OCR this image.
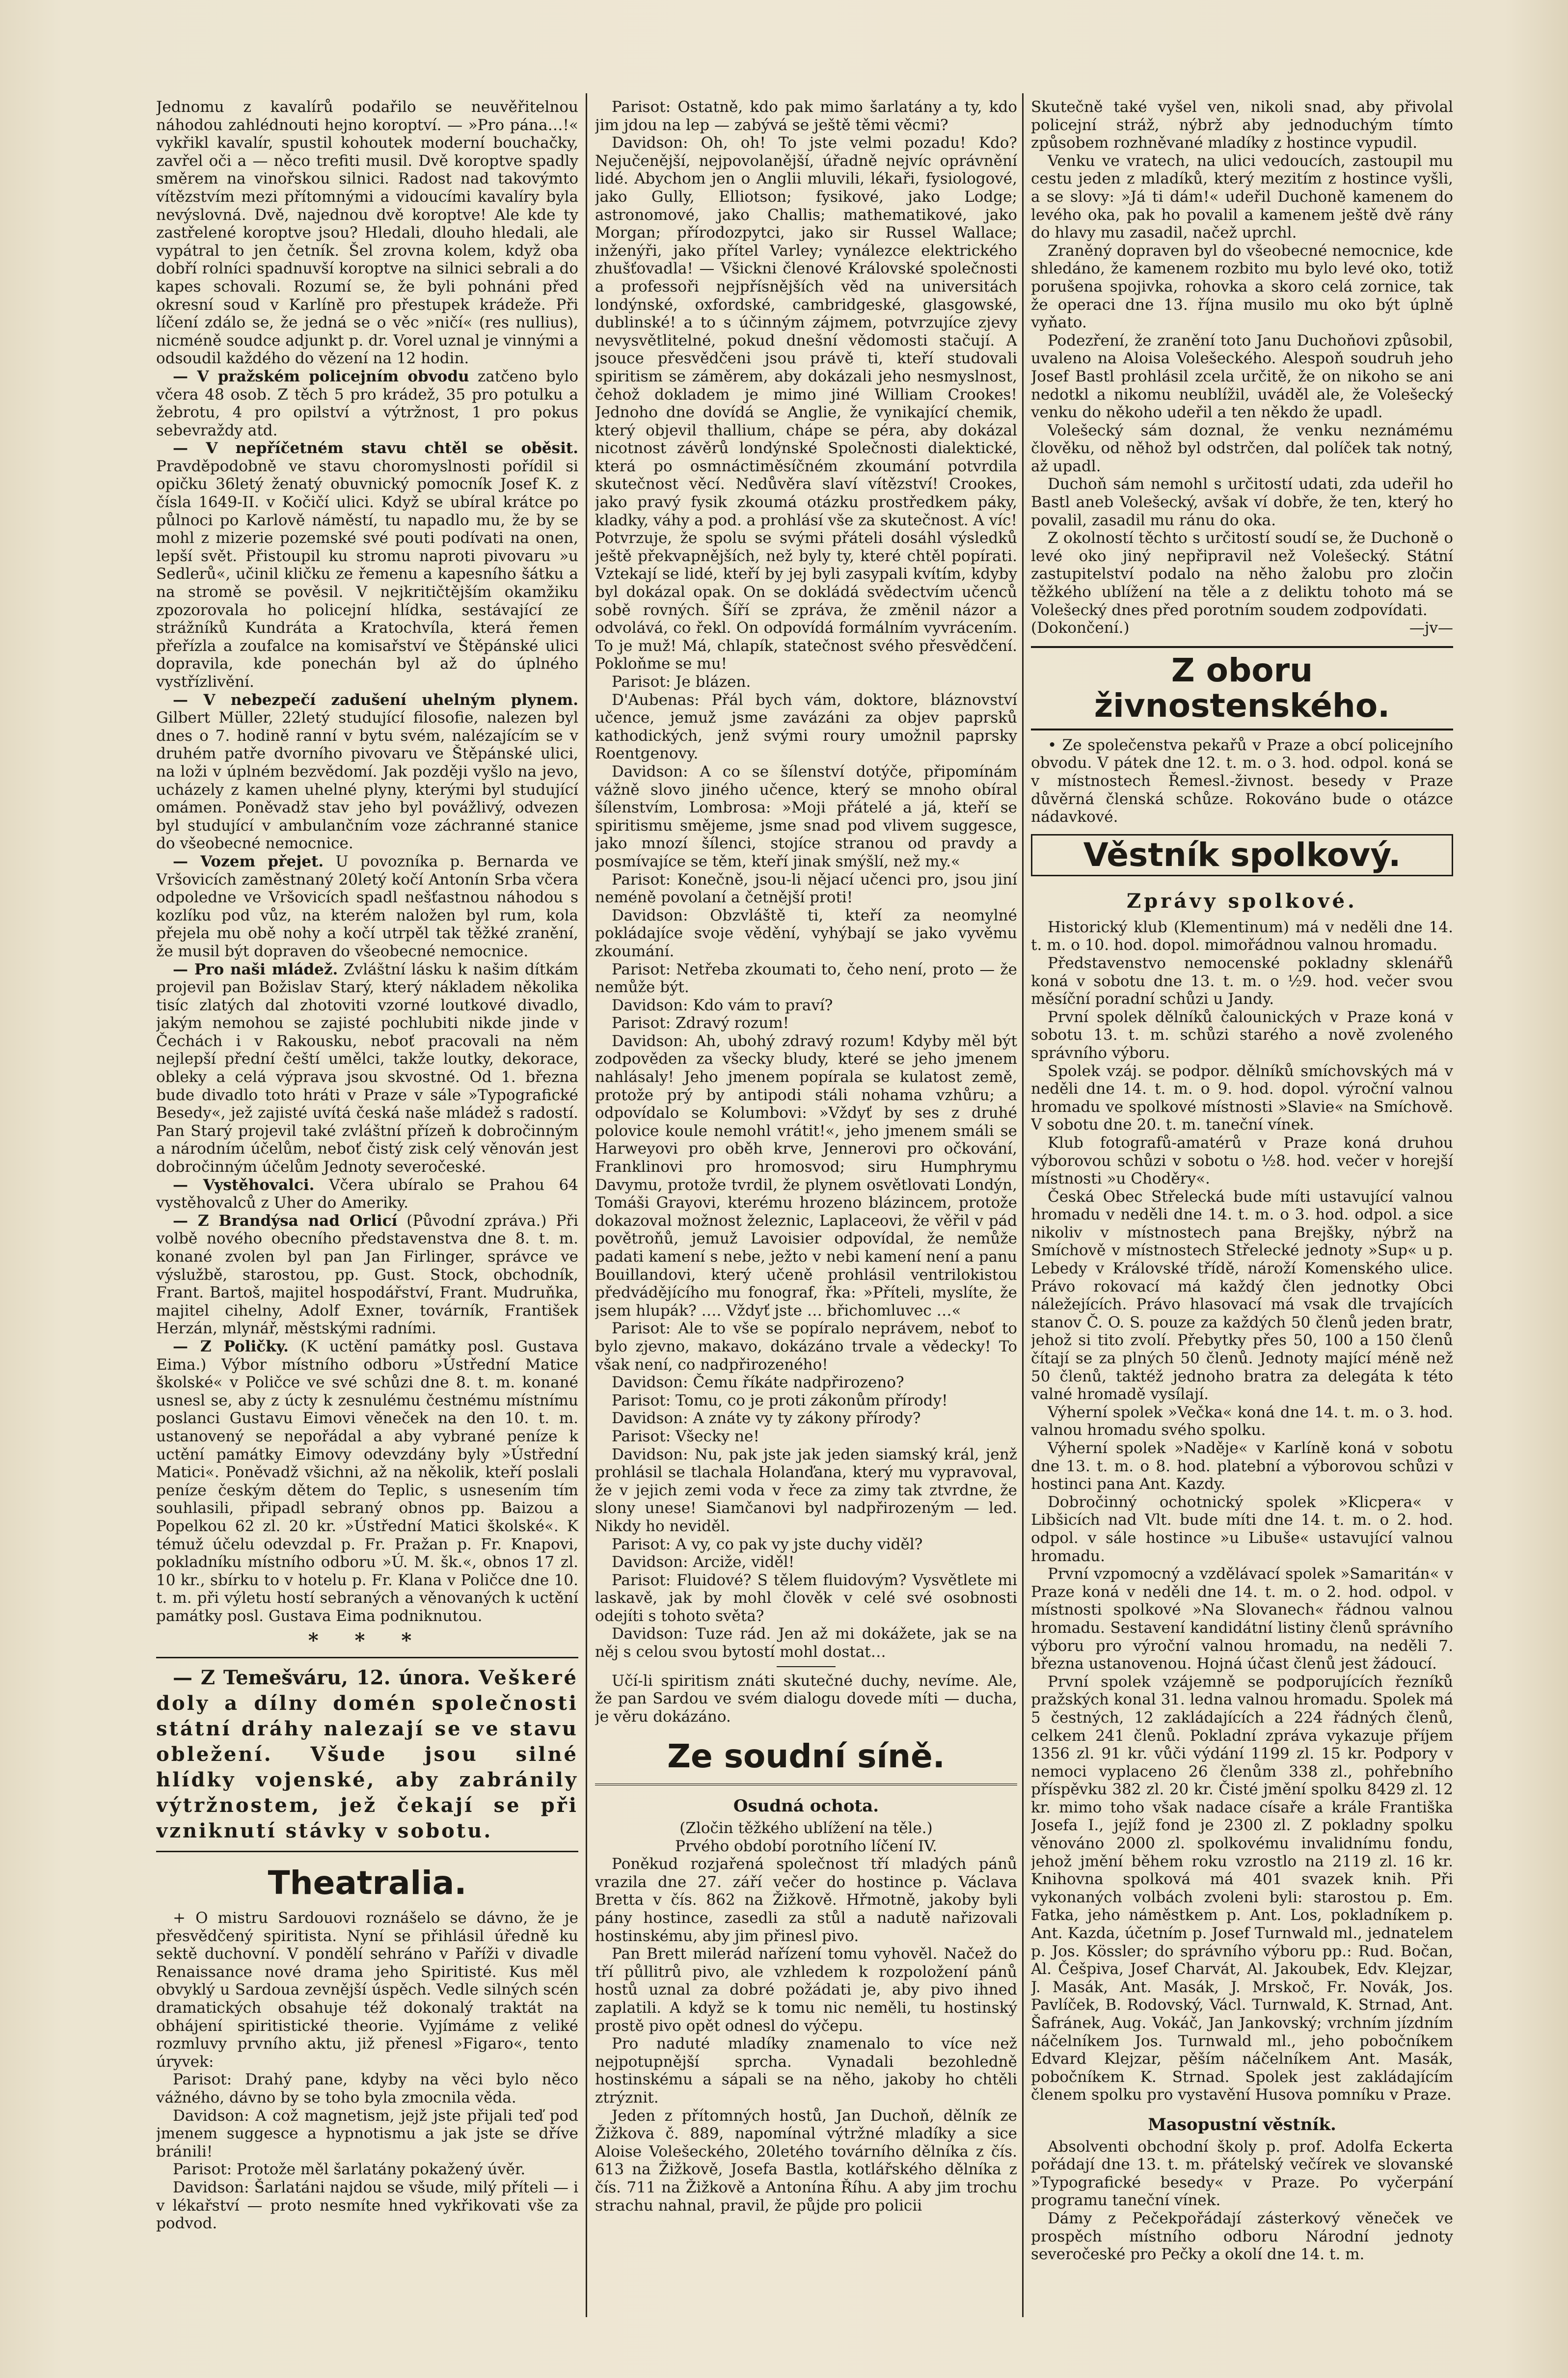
Jednomu z kavalírů podařilo se neuvěřitelnou náhodou zahlédnouti hejno koroptví. — »Pro pána…!« vykřikl kavalír, spustil kohoutek moderní bouchačky, zavřel oči a — něco trefiti musil. Dvě koroptve spadly směrem na vinořskou silnici. Radost nad takovýmto vítězstvím mezi přítomnými a vidoucími kavalíry byla nevýslovná. Dvě, najednou dvě koroptve! Ale kde ty zastřelené koroptve jsou? Hledali, dlouho hledali, ale vypátral to jen četník. Šel zrovna kolem, když oba dobří rolníci spadnuvší koroptve na silnici sebrali a do kapes schovali. Rozumí se, že byli pohnáni před okresní soud v Karlíně pro přestupek krádeže. Při líčení zdálo se, že jedná se o věc »ničí« (res nullius), nicméně soudce adjunkt p. dr. Vorel uznal je vinnými a odsoudil každého do vězení na 12 hodin.

— V pražském policejním obvodu zatčeno bylo včera 48 osob. Z těch 5 pro krádež, 35 pro potulku a žebrotu, 4 pro opilství a výtržnost, 1 pro pokus sebevraždy atd.

— V nepříčetném stavu chtěl se oběsit. Pravděpodobně ve stavu choromyslnosti pořídil si opičku 36letý ženatý obuvnický pomocník Josef K. z čísla 1649-II. v Kočičí ulici. Když se ubíral krátce po půlnoci po Karlově náměstí, tu napadlo mu, že by se mohl z mizerie pozemské své pouti podívati na onen, lepší svět. Přistoupil ku stromu naproti pivovaru »u Sedlerů«, učinil kličku ze řemenu a kapesního šátku a na stromě se pověsil. V nejkritičtějším okamžiku zpozorovala ho policejní hlídka, sestávající ze strážníků Kundráta a Kratochvíla, která řemen přeřízla a zoufalce na komisařství ve Štěpánské ulici dopravila, kde ponechán byl až do úplného vystřízlivění.

— V nebezpečí zadušení uhelným plynem. Gilbert Müller, 22letý studující filosofie, nalezen byl dnes o 7. hodině ranní v bytu svém, nalézajícím se v druhém patře dvorního pivovaru ve Štěpánské ulici, na loži v úplném bezvědomí. Jak později vyšlo na jevo, ucházely z kamen uhelné plyny, kterými byl studující omámen. Poněvadž stav jeho byl povážlivý, odvezen byl studující v ambulančním voze záchranné stanice do všeobecné nemocnice.

— Vozem přejet. U povozníka p. Bernarda ve Vršovicích zaměstnaný 20letý kočí Antonín Srba včera odpoledne ve Vršovicích spadl nešťastnou náhodou s kozlíku pod vůz, na kterém naložen byl rum, kola přejela mu obě nohy a kočí utrpěl tak těžké zranění, že musil být dopraven do všeobecné nemocnice.

— Pro naši mládež. Zvláštní lásku k našim dítkám projevil pan Božislav Starý, který nákladem několika tisíc zlatých dal zhotoviti vzorné loutkové divadlo, jakým nemohou se zajisté pochlubiti nikde jinde v Čechách i v Rakousku, neboť pracovali na něm nejlepší přední čeští umělci, takže loutky, dekorace, obleky a celá výprava jsou skvostné. Od 1. března bude divadlo toto hráti v Praze v sále »Typografické Besedy«, jež zajisté uvítá česká naše mládež s radostí. Pan Starý projevil také zvláštní přízeň k dobročinným a národním účelům, neboť čistý zisk celý věnován jest dobročinným účelům Jednoty severočeské.

— Vystěhovalci. Včera ubíralo se Prahou 64 vystěhovalců z Uher do Ameriky.

— Z Brandýsa nad Orlicí (Původní zpráva.) Při volbě nového obecního představenstva dne 8. t. m. konané zvolen byl pan Jan Firlinger, správce ve výslužbě, starostou, pp. Gust. Stock, obchodník, Frant. Bartoš, majitel hospodářství, Frant. Mudruňka, majitel cihelny, Adolf Exner, továrník, František Herzán, mlynář, městskými radními.

— Z Poličky. (K uctění památky posl. Gustava Eima.) Výbor místního odboru »Ústřední Matice školské« v Poličce ve své schůzi dne 8. t. m. konané usnesl se, aby z úcty k zesnulému čestnému místnímu poslanci Gustavu Eimovi věneček na den 10. t. m. ustanovený se nepořádal a aby vybrané peníze k uctění památky Eimovy odevzdány byly »Ústřední Matici«. Poněvadž všichni, až na několik, kteří poslali peníze českým dětem do Teplic, s usnesením tím souhlasili, připadl sebraný obnos pp. Baizou a Popelkou 62 zl. 20 kr. »Ústřední Matici školské«. K témuž účelu odevzdal p. Fr. Pražan p. Fr. Knapovi, pokladníku místního odboru »Ú. M. šk.«, obnos 17 zl. 10 kr., sbírku to v hotelu p. Fr. Klana v Poličce dne 10. t. m. při výletu hostí sebraných a věnovaných k uctění památky posl. Gustava Eima podniknutou.

* * *

— Z Temešváru, 12. února. Veškeré doly a dílny domén společnosti státní dráhy nalezají se ve stavu obležení. Všude jsou silné hlídky vojenské, aby zabránily výtržnostem, jež čekají se při vzniknutí stávky v sobotu.

Theatralia.

+ O mistru Sardouovi roznášelo se dávno, že je přesvědčený spiritista. Nyní se přihlásil úředně ku sektě duchovní. V pondělí sehráno v Paříži v divadle Renaissance nové drama jeho Spiritisté. Kus měl obvyklý u Sardoua zevnější úspěch. Vedle silných scén dramatických obsahuje též dokonalý traktát na obhájení spiritistické theorie. Vyjímáme z veliké rozmluvy prvního aktu, již přenesl »Figaro«, tento úryvek:

Parisot: Drahý pane, kdyby na věci bylo něco vážného, dávno by se toho byla zmocnila věda.

Davidson: A což magnetism, jejž jste přijali teď pod jmenem suggesce a hypnotismu a jak jste se dříve bránili!

Parisot: Protože měl šarlatány pokažený úvěr.

Davidson: Šarlatáni najdou se všude, milý příteli — i v lékařství — proto nesmíte hned vykřikovati vše za podvod.

Parisot: Ostatně, kdo pak mimo šarlatány a ty, kdo jim jdou na lep — zabývá se ještě těmi věcmi?

Davidson: Oh, oh! To jste velmi pozadu! Kdo? Nejučenější, nejpovolanější, úřadně nejvíc oprávnění lidé. Abychom jen o Anglii mluvili, lékaři, fysiologové, jako Gully, Elliotson; fysikové, jako Lodge; astronomové, jako Challis; mathematikové, jako Morgan; přírodozpytci, jako sir Russel Wallace; inženýři, jako přítel Varley; vynálezce elektrického zhušťovadla! — Všickni členové Královské společnosti a professoři nejpřísnějších věd na universitách londýnské, oxfordské, cambridgeské, glasgowské, dublinské! a to s účinným zájmem, potvrzujíce zjevy nevysvětlitelné, pokud dnešní vědomosti stačují. A jsouce přesvědčeni jsou právě ti, kteří studovali spiritism se záměrem, aby dokázali jeho nesmyslnost, čehož dokladem je mimo jiné William Crookes! Jednoho dne dovídá se Anglie, že vynikající chemik, který objevil thallium, chápe se péra, aby dokázal nicotnost závěrů londýnské Společnosti dialektické, která po osmnáctiměsíčném zkoumání potvrdila skutečnost věcí. Nedůvěra slaví vítězství! Crookes, jako pravý fysik zkoumá otázku prostředkem páky, kladky, váhy a pod. a prohlásí vše za skutečnost. A víc! Potvrzuje, že spolu se svými přáteli dosáhl výsledků ještě překvapnějších, než byly ty, které chtěl popírati. Vztekají se lidé, kteří by jej byli zasypali kvítím, kdyby byl dokázal opak. On se dokládá svědectvím učenců sobě rovných. Šíří se zpráva, že změnil názor a odvolává, co řekl. On odpovídá formálním vyvrácením. To je muž! Má, chlapík, statečnost svého přesvědčení. Pokloňme se mu!

Parisot: Je blázen.

D'Aubenas: Přál bych vám, doktore, bláznovství učence, jemuž jsme zavázáni za objev paprsků kathodických, jenž svými roury umožnil paprsky Roentgenovy.

Davidson: A co se šílenství dotýče, připomínám vážně slovo jiného učence, který se mnoho obíral šílenstvím, Lombrosa: »Moji přátelé a já, kteří se spiritismu smějeme, jsme snad pod vlivem suggesce, jako mnozí šílenci, stojíce stranou od pravdy a posmívajíce se těm, kteří jinak smýšlí, než my.«

Parisot: Konečně, jsou-li nějací učenci pro, jsou jiní neméně povolaní a četnější proti!

Davidson: Obzvláště ti, kteří za neomylné pokládajíce svoje vědění, vyhýbají se jako vyvěmu zkoumání.

Parisot: Netřeba zkoumati to, čeho není, proto — že nemůže být.

Davidson: Kdo vám to praví?

Parisot: Zdravý rozum!

Davidson: Ah, ubohý zdravý rozum! Kdyby měl být zodpověden za všecky bludy, které se jeho jmenem nahlásaly! Jeho jmenem popírala se kulatost země, protože prý by antipodi stáli nohama vzhůru; a odpovídalo se Kolumbovi: »Vždyť by ses z druhé polovice koule nemohl vrátit!«, jeho jmenem smáli se Harweyovi pro oběh krve, Jennerovi pro očkování, Franklinovi pro hromosvod; siru Humphrymu Davymu, protože tvrdil, že plynem osvětlovati Londýn, Tomáši Grayovi, kterému hrozeno blázincem, protože dokazoval možnost železnic, Laplaceovi, že věřil v pád povětroňů, jemuž Lavoisier odpovídal, že nemůže padati kamení s nebe, ježto v nebi kamení není a panu Bouillandovi, který učeně prohlásil ventrilokistou předvádějícího mu fonograf, řka: »Příteli, myslíte, že jsem hlupák? …. Vždyť jste … břichomluvec …«

Parisot: Ale to vše se popíralo neprávem, neboť to bylo zjevno, makavo, dokázáno trvale a vědecky! To však není, co nadpřirozeného!

Davidson: Čemu říkáte nadpřirozeno?

Parisot: Tomu, co je proti zákonům přírody!

Davidson: A znáte vy ty zákony přírody?

Parisot: Všecky ne!

Davidson: Nu, pak jste jak jeden siamský král, jenž prohlásil se tlachala Holanďana, který mu vypravoval, že v jejich zemi voda v řece za zimy tak ztvrdne, že slony unese! Siamčanovi byl nadpřirozeným — led. Nikdy ho neviděl.

Parisot: A vy, co pak vy jste duchy viděl?

Davidson: Arciže, viděl!

Parisot: Fluidové? S tělem fluidovým? Vysvětlete mi laskavě, jak by mohl člověk v celé své osobnosti odejíti s tohoto světa?

Davidson: Tuze rád. Jen až mi dokážete, jak se na něj s celou svou bytostí mohl dostat…

Učí-li spiritism znáti skutečné duchy, nevíme. Ale, že pan Sardou ve svém dialogu dovede míti — ducha, je věru dokázáno.

Ze soudní síně.
Osudná ochota.

(Zločin těžkého ublížení na těle.)

Prvého období porotního líčení IV.

Poněkud rozjařená společnost tří mladých pánů vrazila dne 27. září večer do hostince p. Václava Bretta v čís. 862 na Žižkově. Hřmotně, jakoby byli pány hostince, zasedli za stůl a nadutě nařizovali hostinskému, aby jim přinesl pivo.

Pan Brett milerád nařízení tomu vyhověl. Načež do tří půllitrů pivo, ale vzhledem k rozpoložení pánů hostů uznal za dobré požádati je, aby pivo ihned zaplatili. A když se k tomu nic neměli, tu hostinský prostě pivo opět odnesl do výčepu.

Pro naduté mladíky znamenalo to více než nejpotupnější sprcha. Vynadali bezohledně hostinskému a sápali se na něho, jakoby ho chtěli ztrýznit.

Jeden z přítomných hostů, Jan Duchoň, dělník ze Žižkova č. 889, napomínal výtržné mladíky a sice Aloise Volešeckého, 20letého továrního dělníka z čís. 613 na Žižkově, Josefa Bastla, kotlářského dělníka z čís. 711 na Žižkově a Antonína Říhu. A aby jim trochu strachu nahnal, pravil, že půjde pro policii

Skutečně také vyšel ven, nikoli snad, aby přivolal policejní stráž, nýbrž aby jednoduchým tímto způsobem rozhněvané mladíky z hostince vypudil.

Venku ve vratech, na ulici vedoucích, zastoupil mu cestu jeden z mladíků, který mezitím z hostince vyšli, a se slovy: »Já ti dám!« udeřil Duchoně kamenem do levého oka, pak ho povalil a kamenem ještě dvě rány do hlavy mu zasadil, načež uprchl.

Zraněný dopraven byl do všeobecné nemocnice, kde shledáno, že kamenem rozbito mu bylo levé oko, totiž porušena spojivka, rohovka a skoro celá zornice, tak že operaci dne 13. října musilo mu oko být úplně vyňato.

Podezření, že zranění toto Janu Duchoňovi způsobil, uvaleno na Aloisa Volešeckého. Alespoň soudruh jeho Josef Bastl prohlásil zcela určitě, že on nikoho se ani nedotkl a nikomu neublížil, uváděl ale, že Volešecký venku do někoho udeřil a ten někdo že upadl.

Volešecký sám doznal, že venku neznámému člověku, od něhož byl odstrčen, dal políček tak notný, až upadl.

Duchoň sám nemohl s určitostí udati, zda udeřil ho Bastl aneb Volešecký, avšak ví dobře, že ten, který ho povalil, zasadil mu ránu do oka.

Z okolností těchto s určitostí soudí se, že Duchoně o levé oko jiný nepřipravil než Volešecký. Státní zastupitelství podalo na něho žalobu pro zločin těžkého ublížení na těle a z deliktu tohoto má se Volešecký dnes před porotním soudem zodpovídati.

(Dokončení.)	—jv—

Z oboru živnostenského.

• Ze společenstva pekařů v Praze a obcí policejního obvodu. V pátek dne 12. t. m. o 3. hod. odpol. koná se v místnostech Řemesl.-živnost. besedy v Praze důvěrná členská schůze. Rokováno bude o otázce nádavkové.

Věstník spolkový.
Zprávy spolkové.

Historický klub (Klementinum) má v neděli dne 14. t. m. o 10. hod. dopol. mimořádnou valnou hromadu.

Představenstvo nemocenské pokladny sklenářů koná v sobotu dne 13. t. m. o ½9. hod. večer svou měsíční poradní schůzi u Jandy.

První spolek dělníků čalounických v Praze koná v sobotu 13. t. m. schůzi starého a nově zvoleného správního výboru.

Spolek vzáj. se podpor. dělníků smíchovských má v neděli dne 14. t. m. o 9. hod. dopol. výroční valnou hromadu ve spolkové místnosti »Slavie« na Smíchově. V sobotu dne 20. t. m. taneční vínek.

Klub fotografů-amatérů v Praze koná druhou výborovou schůzi v sobotu o ½8. hod. večer v horejší místnosti »u Choděry«.

Česká Obec Střelecká bude míti ustavující valnou hromadu v neděli dne 14. t. m. o 3. hod. odpol. a sice nikoliv v místnostech pana Brejšky, nýbrž na Smíchově v místnostech Střelecké jednoty »Sup« u p. Lebedy v Královské třídě, nároží Komenského ulice. Právo rokovací má každý člen jednotky Obci náležejících. Právo hlasovací má vsak dle trvajících stanov Č. O. S. pouze za každých 50 členů jeden bratr, jehož si tito zvolí. Přebytky přes 50, 100 a 150 členů čítají se za plných 50 členů. Jednoty mající méně než 50 členů, taktéž jednoho bratra za delegáta k této valné hromadě vysílají.

Výherní spolek »Večka« koná dne 14. t. m. o 3. hod. valnou hromadu svého spolku.

Výherní spolek »Naděje« v Karlíně koná v sobotu dne 13. t. m. o 8. hod. platební a výborovou schůzi v hostinci pana Ant. Kazdy.

Dobročinný ochotnický spolek »Klicpera« v Libšicích nad Vlt. bude míti dne 14. t. m. o 2. hod. odpol. v sále hostince »u Libuše« ustavující valnou hromadu.

První vzpomocný a vzdělávací spolek »Samaritán« v Praze koná v neděli dne 14. t. m. o 2. hod. odpol. v místnosti spolkové »Na Slovanech« řádnou valnou hromadu. Sestavení kandidátní listiny členů správního výboru pro výroční valnou hromadu, na neděli 7. března ustanovenou. Hojná účast členů jest žádoucí.

První spolek vzájemně se podporujících řezníků pražských konal 31. ledna valnou hromadu. Spolek má 5 čestných, 12 zakládajících a 224 řádných členů, celkem 241 členů. Pokladní zpráva vykazuje příjem 1356 zl. 91 kr. vůči výdání 1199 zl. 15 kr. Podpory v nemoci vyplaceno 26 členům 338 zl., pohřebního příspěvku 382 zl. 20 kr. Čisté jmění spolku 8429 zl. 12 kr. mimo toho však nadace císaře a krále Františka Josefa I., jejíž fond je 2300 zl. Z pokladny spolku věnováno 2000 zl. spolkovému invalidnímu fondu, jehož jmění během roku vzrostlo na 2119 zl. 16 kr. Knihovna spolková má 401 svazek knih. Při vykonaných volbách zvoleni byli: starostou p. Em. Fatka, jeho náměstkem p. Ant. Los, pokladníkem p. Ant. Kazda, účetním p. Josef Turnwald ml., jednatelem p. Jos. Kössler; do správního výboru pp.: Rud. Bočan, Al. Češpiva, Josef Charvát, Al. Jakoubek, Edv. Klejzar, J. Masák, Ant. Masák, J. Mrskoč, Fr. Novák, Jos. Pavlíček, B. Rodovský, Václ. Turnwald, K. Strnad, Ant. Šafránek, Aug. Vokáč, Jan Jankovský; vrchním jízdním náčelníkem Jos. Turnwald ml., jeho pobočníkem Edvard Klejzar, pěším náčelníkem Ant. Masák, pobočníkem K. Strnad. Spolek jest zakládajícím členem spolku pro vystavění Husova pomníku v Praze.

Masopustní věstník.

Absolventi obchodní školy p. prof. Adolfa Eckerta pořádají dne 13. t. m. přátelský večírek ve slovanské »Typografické besedy« v Praze. Po vyčerpání programu taneční vínek.

Dámy z Pečekpořádají zásterkový věneček ve prospěch místního odboru Národní jednoty severočeské pro Pečky a okolí dne 14. t. m.
